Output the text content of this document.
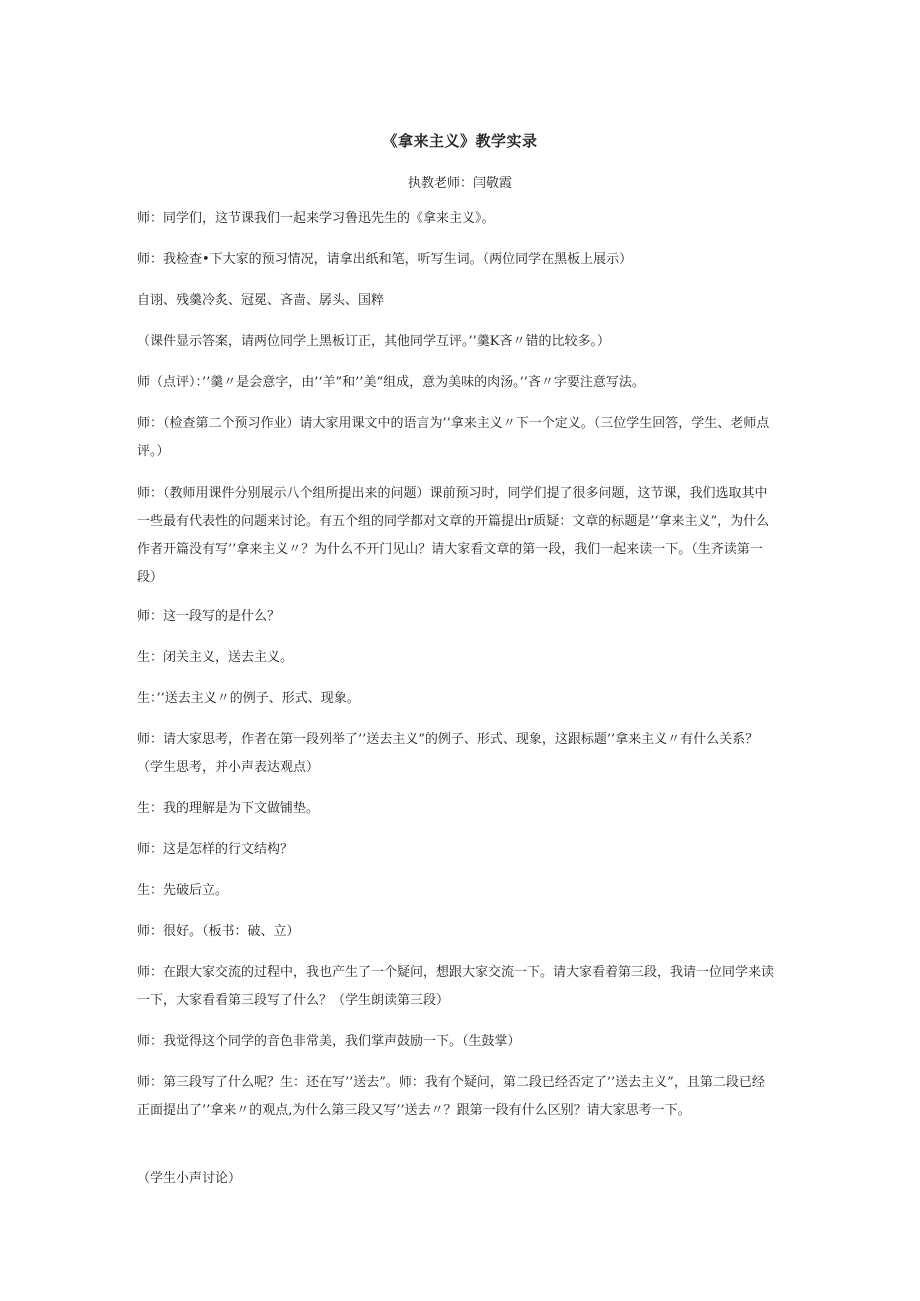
《拿来主义》教学实录
执教老师：闫敬霞
师：同学们，这节课我们一起来学习鲁迅先生的《拿来主义》。
师：我检查•下大家的预习情况，请拿出纸和笔，听写生词。（两位同学在黑板上展示）
自诩、残羹冷炙、冠冕、吝啬、孱头、国粹
（课件显示答案，请两位同学上黑板订正，其他同学互评。’’羹K吝〃错的比较多。）
师（点评）：’’羹〃是会意字，由’‘羊”和’’美“组成，意为美味的肉汤。’’吝〃字要注意写法。
师：（检查第二个预习作业）请大家用课文中的语言为’’拿来主义〃下一个定义。（三位学生回答，学生、老师点评。）
师：（教师用课件分别展示八个组所提出来的问题）课前预习时，同学们提了很多问题，这节课，我们选取其中一些最有代表性的问题来讨论。有五个组的同学都对文章的开篇提出r质疑：文章的标题是’‘拿来主义”，为什么作者开篇没有写’’拿来主义〃？为什么不开门见山？请大家看文章的第一段，我们一起来读一下。（生齐读第一段）
师：这一段写的是什么？
生：闭关主义，送去主义。
生：’’送去主义〃的例子、形式、现象。
师：请大家思考，作者在第一段列举了’’送去主义”的例子、形式、现象，这跟标题’’拿来主义〃有什么关系？（学生思考，并小声表达观点）
生：我的理解是为下文做铺垫。
师：这是怎样的行文结构？
生：先破后立。
师：很好。（板书：破、立）
师：在跟大家交流的过程中，我也产生了一个疑问，想跟大家交流一下。请大家看着第三段，我请一位同学来读一下，大家看看第三段写了什么？（学生朗读第三段）
师：我觉得这个同学的音色非常美，我们掌声鼓励一下。（生鼓掌）
师：第三段写了什么呢？生：还在写’’送去”。师：我有个疑问，第二段已经否定了’’送去主义”，且第二段已经正面提出了’’拿来〃的观点,为什么第三段又写’’送去〃？跟第一段有什么区别？请大家思考一下。
（学生小声讨论）
